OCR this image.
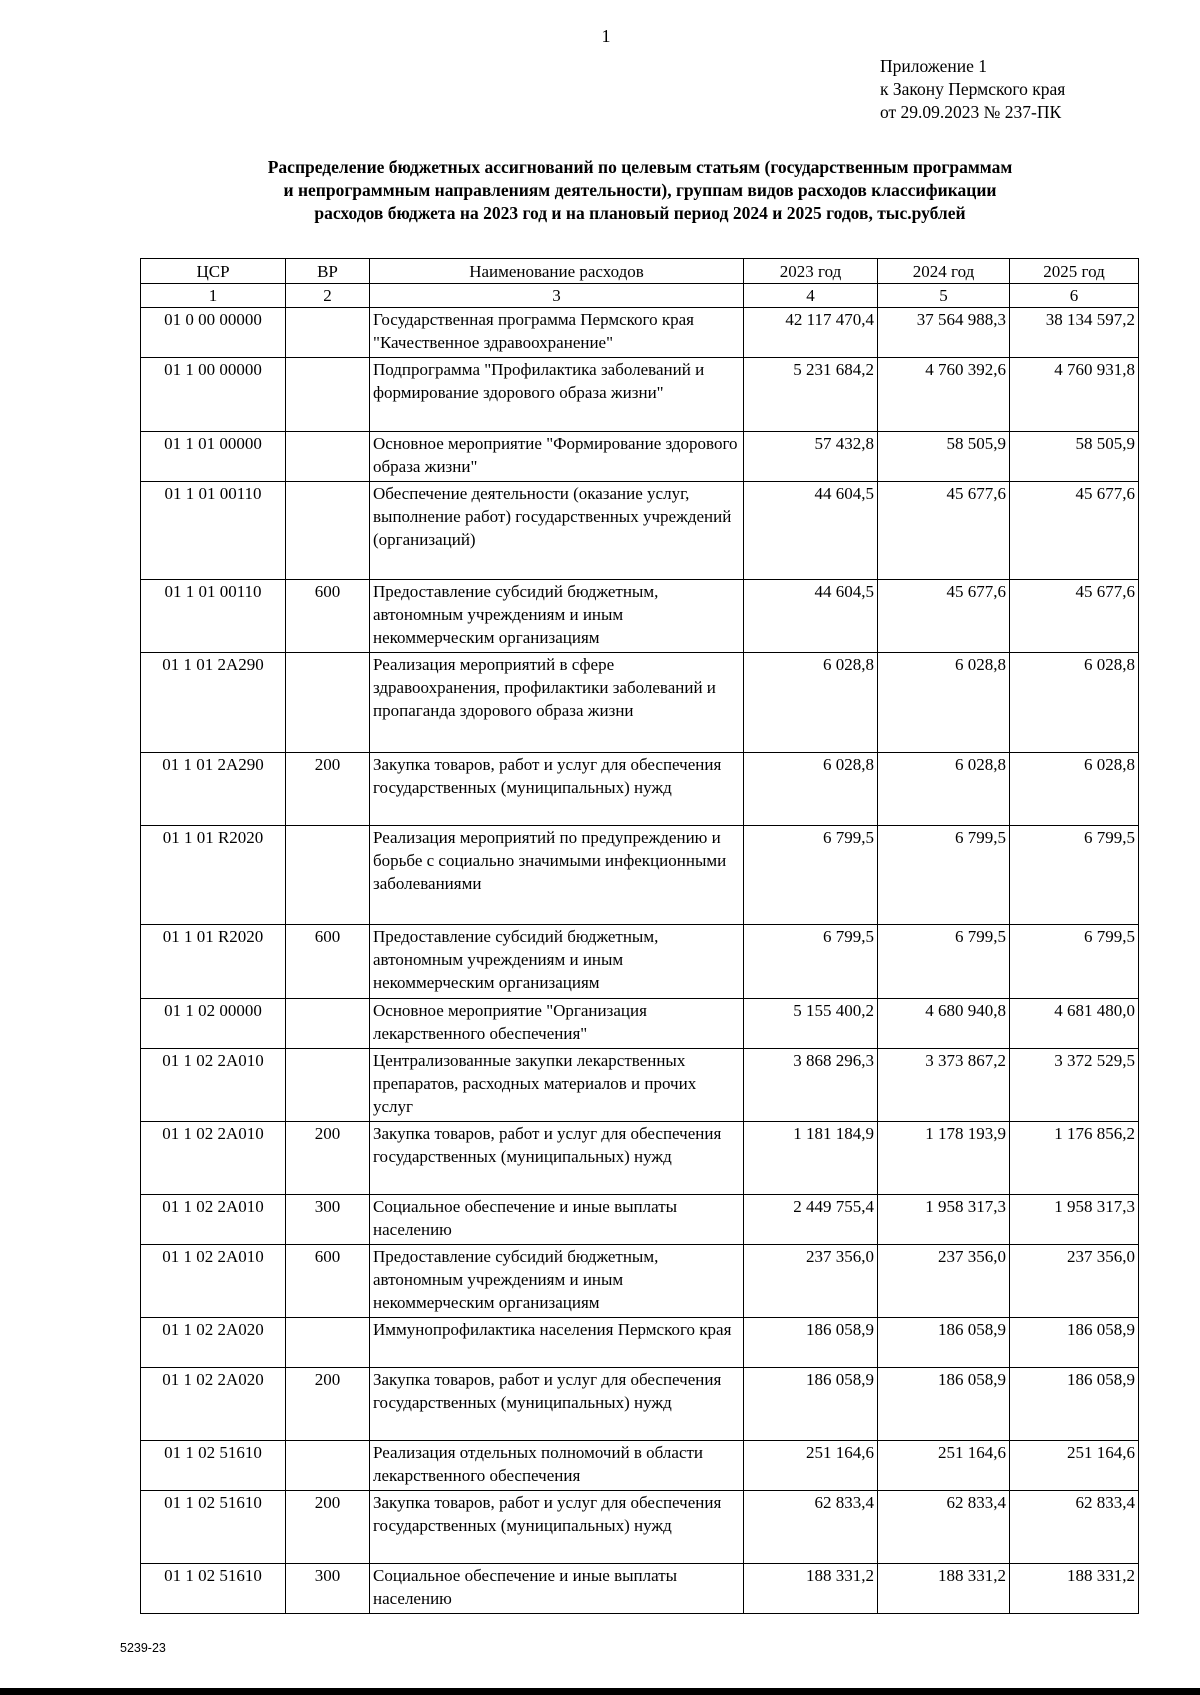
1
Приложение 1
к Закону Пермского края
от 29.09.2023 № 237-ПК
Распределение бюджетных ассигнований по целевым статьям (государственным программам
и непрограммным направлениям деятельности), группам видов расходов классификации
расходов бюджета на 2023 год и на плановый период 2024 и 2025 годов, тыс.рублей
ЦСР	ВР	Наименование расходов	2023 год	2024 год	2025 год
1	2	3	4	5	6
01 0 00 00000		Государственная программа Пермского края "Качественное здравоохранение"	42 117 470,4	37 564 988,3	38 134 597,2
01 1 00 00000		Подпрограмма "Профилактика заболеваний и формирование здорового образа жизни"	5 231 684,2	4 760 392,6	4 760 931,8
01 1 01 00000		Основное мероприятие "Формирование здорового образа жизни"	57 432,8	58 505,9	58 505,9
01 1 01 00110		Обеспечение деятельности (оказание услуг, выполнение работ) государственных учреждений (организаций)	44 604,5	45 677,6	45 677,6
01 1 01 00110	600	Предоставление субсидий бюджетным, автономным учреждениям и иным некоммерческим организациям	44 604,5	45 677,6	45 677,6
01 1 01 2А290		Реализация мероприятий в сфере здравоохранения, профилактики заболеваний и пропаганда здорового образа жизни	6 028,8	6 028,8	6 028,8
01 1 01 2А290	200	Закупка товаров, работ и услуг для обеспечения государственных (муниципальных) нужд	6 028,8	6 028,8	6 028,8
01 1 01 R2020		Реализация мероприятий по предупреждению и борьбе с социально значимыми инфекционными заболеваниями	6 799,5	6 799,5	6 799,5
01 1 01 R2020	600	Предоставление субсидий бюджетным, автономным учреждениям и иным некоммерческим организациям	6 799,5	6 799,5	6 799,5
01 1 02 00000		Основное мероприятие "Организация лекарственного обеспечения"	5 155 400,2	4 680 940,8	4 681 480,0
01 1 02 2А010		Централизованные закупки лекарственных препаратов, расходных материалов и прочих услуг	3 868 296,3	3 373 867,2	3 372 529,5
01 1 02 2А010	200	Закупка товаров, работ и услуг для обеспечения государственных (муниципальных) нужд	1 181 184,9	1 178 193,9	1 176 856,2
01 1 02 2А010	300	Социальное обеспечение и иные выплаты населению	2 449 755,4	1 958 317,3	1 958 317,3
01 1 02 2А010	600	Предоставление субсидий бюджетным, автономным учреждениям и иным некоммерческим организациям	237 356,0	237 356,0	237 356,0
01 1 02 2А020		Иммунопрофилактика населения Пермского края	186 058,9	186 058,9	186 058,9
01 1 02 2А020	200	Закупка товаров, работ и услуг для обеспечения государственных (муниципальных) нужд	186 058,9	186 058,9	186 058,9
01 1 02 51610		Реализация отдельных полномочий в области лекарственного обеспечения	251 164,6	251 164,6	251 164,6
01 1 02 51610	200	Закупка товаров, работ и услуг для обеспечения государственных (муниципальных) нужд	62 833,4	62 833,4	62 833,4
01 1 02 51610	300	Социальное обеспечение и иные выплаты населению	188 331,2	188 331,2	188 331,2
5239-23
